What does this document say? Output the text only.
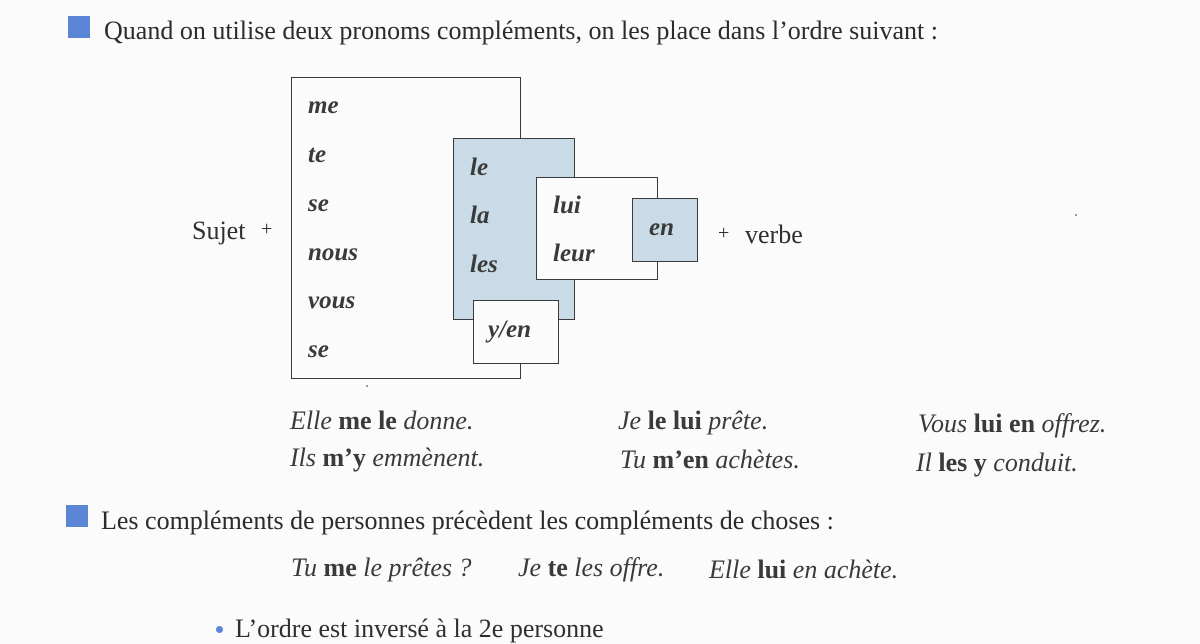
Quand on utilise deux pronoms compléments, on les place dans l’ordre suivant :
Sujet +	+ verbe
me
te
se
nous
vous
se
le
la
les
lui
leur
en
y/en
Elle me le donne.	Je le lui prête.	Vous lui en offrez.
Ils m’y emmènent.	Tu m’en achètes.	Il les y conduit.
Les compléments de personnes précèdent les compléments de choses :
Tu me le prêtes ? Je te les offre. Elle lui en achète.
L’ordre est inversé à la 2e personne
